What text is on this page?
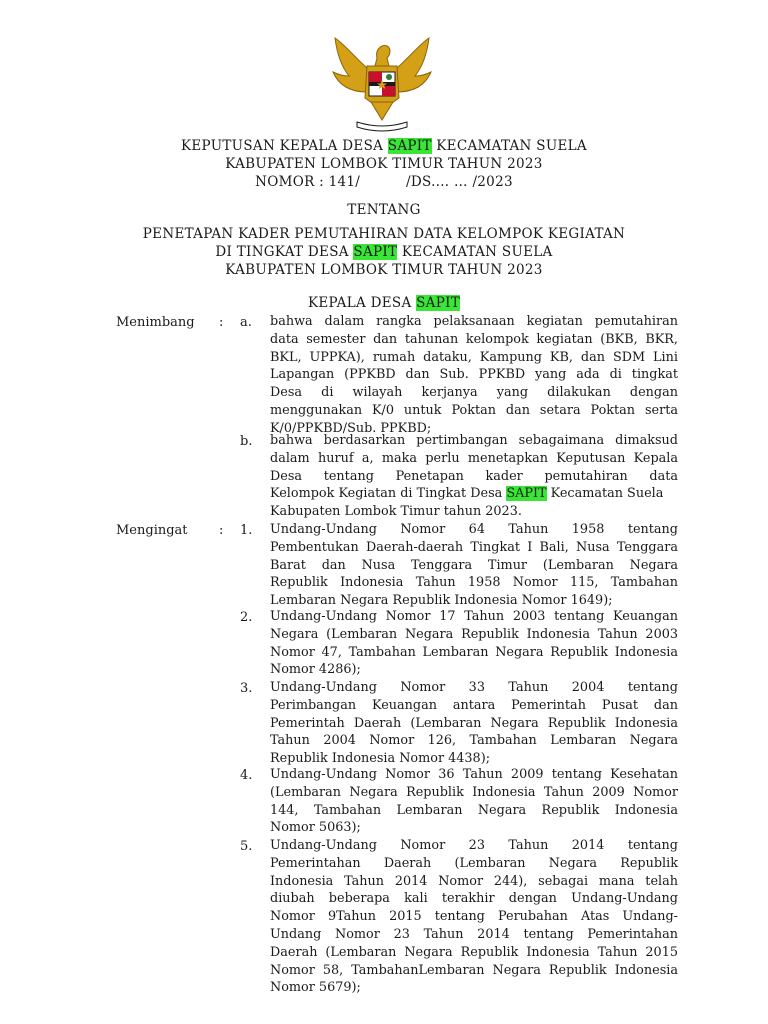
KEPUTUSAN KEPALA DESA SAPIT KECAMATAN SUELA
KABUPATEN LOMBOK TIMUR TAHUN 2023
NOMOR : 141/          /DS.… … /2023
TENTANG
PENETAPAN KADER PEMUTAHIRAN DATA KELOMPOK KEGIATAN
DI TINGKAT DESA SAPIT KECAMATAN SUELA
KABUPATEN LOMBOK TIMUR TAHUN 2023
KEPALA DESA SAPIT
Menimbang : a. bahwa dalam rangka pelaksanaan kegiatan pemutahiran
data semester dan tahunan kelompok kegiatan (BKB, BKR,
BKL, UPPKA), rumah dataku, Kampung KB, dan SDM Lini
Lapangan (PPKBD dan Sub. PPKBD yang ada di tingkat
Desa di wilayah kerjanya yang dilakukan dengan
menggunakan K/0 untuk Poktan dan setara Poktan serta
K/0/PPKBD/Sub. PPKBD;
b. bahwa berdasarkan pertimbangan sebagaimana dimaksud
dalam huruf a, maka perlu menetapkan Keputusan Kepala
Desa tentang Penetapan kader pemutahiran data
Kelompok Kegiatan di Tingkat Desa SAPIT Kecamatan Suela
Kabupaten Lombok Timur tahun 2023.
Mengingat : 1. Undang-Undang Nomor 64 Tahun 1958 tentang
Pembentukan Daerah-daerah Tingkat I Bali, Nusa Tenggara
Barat dan Nusa Tenggara Timur (Lembaran Negara
Republik Indonesia Tahun 1958 Nomor 115, Tambahan
Lembaran Negara Republik Indonesia Nomor 1649);
2. Undang-Undang Nomor 17 Tahun 2003 tentang Keuangan
Negara (Lembaran Negara Republik Indonesia Tahun 2003
Nomor 47, Tambahan Lembaran Negara Republik Indonesia
Nomor 4286);
3. Undang-Undang Nomor 33 Tahun 2004 tentang
Perimbangan Keuangan antara Pemerintah Pusat dan
Pemerintah Daerah (Lembaran Negara Republik Indonesia
Tahun 2004 Nomor 126, Tambahan Lembaran Negara
Republik Indonesia Nomor 4438);
4. Undang-Undang Nomor 36 Tahun 2009 tentang Kesehatan
(Lembaran Negara Republik Indonesia Tahun 2009 Nomor
144, Tambahan Lembaran Negara Republik Indonesia
Nomor 5063);
5. Undang-Undang Nomor 23 Tahun 2014 tentang
Pemerintahan Daerah (Lembaran Negara Republik
Indonesia Tahun 2014 Nomor 244), sebagai mana telah
diubah beberapa kali terakhir dengan Undang-Undang
Nomor 9Tahun 2015 tentang Perubahan Atas Undang-
Undang Nomor 23 Tahun 2014 tentang Pemerintahan
Daerah (Lembaran Negara Republik Indonesia Tahun 2015
Nomor 58, TambahanLembaran Negara Republik Indonesia
Nomor 5679);
